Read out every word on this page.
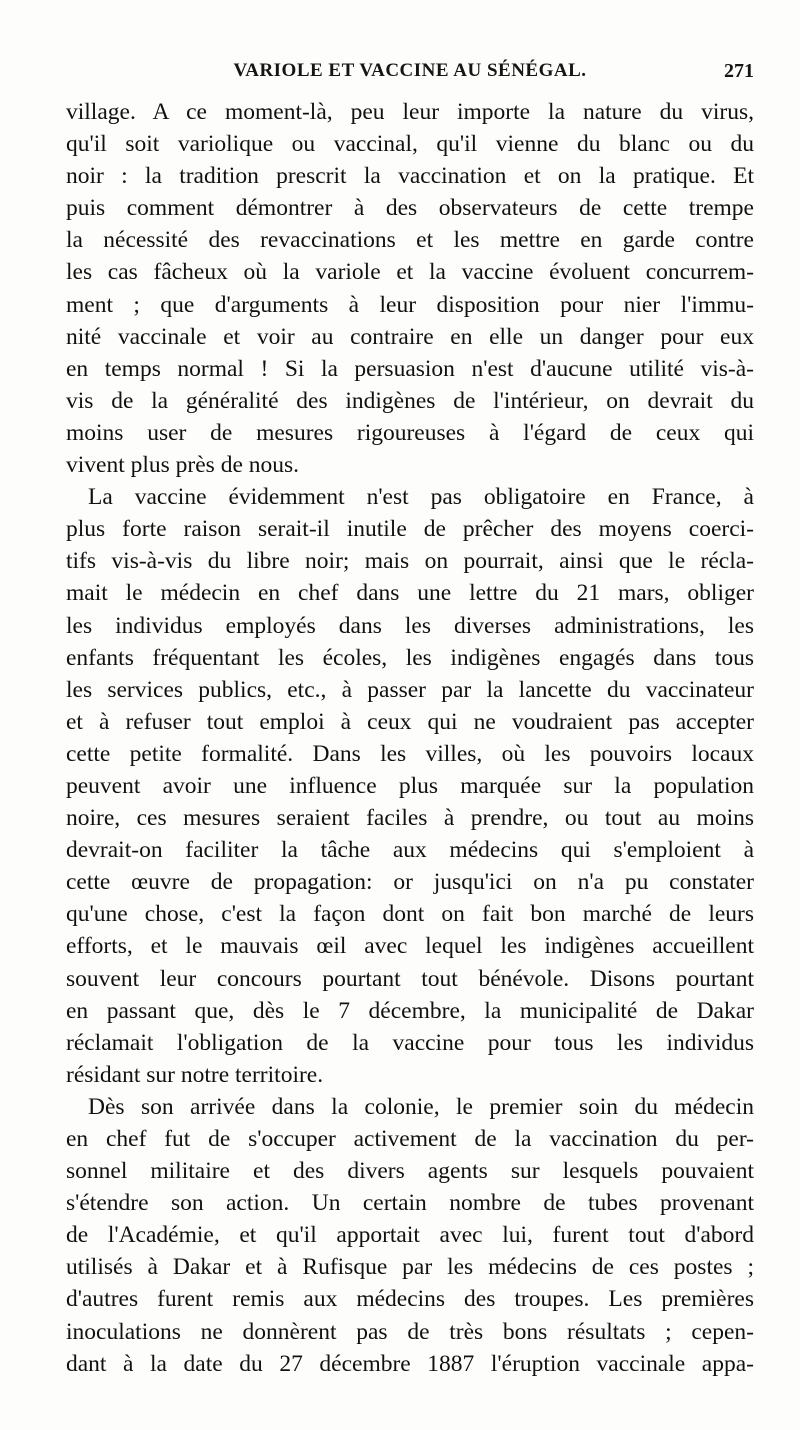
VARIOLE ET VACCINE AU SÉNÉGAL.	271
village. A ce moment-là, peu leur importe la nature du virus,
qu'il soit variolique ou vaccinal, qu'il vienne du blanc ou du
noir : la tradition prescrit la vaccination et on la pratique. Et
puis comment démontrer à des observateurs de cette trempe
la nécessité des revaccinations et les mettre en garde contre
les cas fâcheux où la variole et la vaccine évoluent concurrem-
ment ; que d'arguments à leur disposition pour nier l'immu-
nité vaccinale et voir au contraire en elle un danger pour eux
en temps normal ! Si la persuasion n'est d'aucune utilité vis-à-
vis de la généralité des indigènes de l'intérieur, on devrait du
moins user de mesures rigoureuses à l'égard de ceux qui
vivent plus près de nous.
La vaccine évidemment n'est pas obligatoire en France, à
plus forte raison serait-il inutile de prêcher des moyens coerci-
tifs vis-à-vis du libre noir; mais on pourrait, ainsi que le récla-
mait le médecin en chef dans une lettre du 21 mars, obliger
les individus employés dans les diverses administrations, les
enfants fréquentant les écoles, les indigènes engagés dans tous
les services publics, etc., à passer par la lancette du vaccinateur
et à refuser tout emploi à ceux qui ne voudraient pas accepter
cette petite formalité. Dans les villes, où les pouvoirs locaux
peuvent avoir une influence plus marquée sur la population
noire, ces mesures seraient faciles à prendre, ou tout au moins
devrait-on faciliter la tâche aux médecins qui s'emploient à
cette œuvre de propagation: or jusqu'ici on n'a pu constater
qu'une chose, c'est la façon dont on fait bon marché de leurs
efforts, et le mauvais œil avec lequel les indigènes accueillent
souvent leur concours pourtant tout bénévole. Disons pourtant
en passant que, dès le 7 décembre, la municipalité de Dakar
réclamait l'obligation de la vaccine pour tous les individus
résidant sur notre territoire.
Dès son arrivée dans la colonie, le premier soin du médecin
en chef fut de s'occuper activement de la vaccination du per-
sonnel militaire et des divers agents sur lesquels pouvaient
s'étendre son action. Un certain nombre de tubes provenant
de l'Académie, et qu'il apportait avec lui, furent tout d'abord
utilisés à Dakar et à Rufisque par les médecins de ces postes ;
d'autres furent remis aux médecins des troupes. Les premières
inoculations ne donnèrent pas de très bons résultats ; cepen-
dant à la date du 27 décembre 1887 l'éruption vaccinale appa-
